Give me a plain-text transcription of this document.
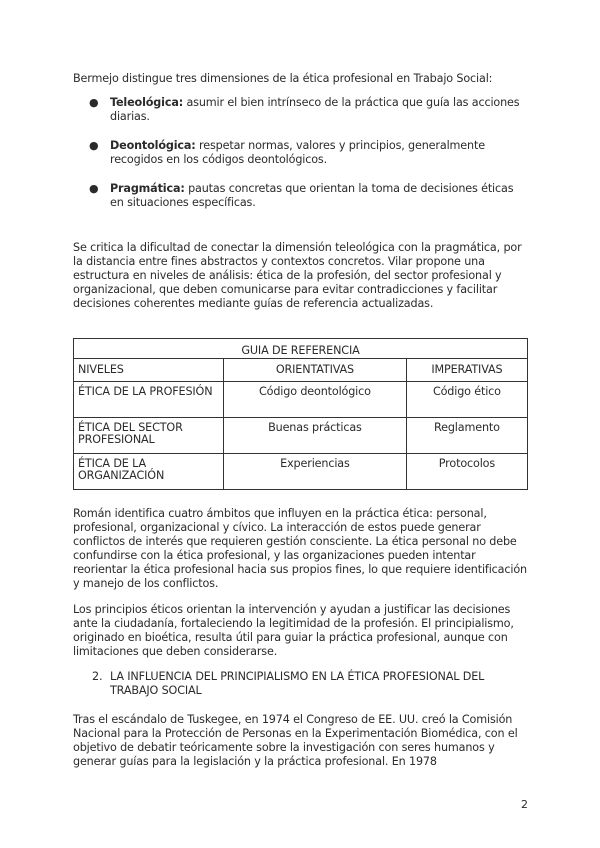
Bermejo distingue tres dimensiones de la ética profesional en Trabajo Social:

● Teleológica: asumir el bien intrínseco de la práctica que guía las acciones diarias.
● Deontológica: respetar normas, valores y principios, generalmente recogidos en los códigos deontológicos.
● Pragmática: pautas concretas que orientan la toma de decisiones éticas en situaciones específicas.

Se critica la dificultad de conectar la dimensión teleológica con la pragmática, por la distancia entre fines abstractos y contextos concretos. Vilar propone una estructura en niveles de análisis: ética de la profesión, del sector profesional y organizacional, que deben comunicarse para evitar contradicciones y facilitar decisiones coherentes mediante guías de referencia actualizadas.

GUIA DE REFERENCIA		
NIVELES	ORIENTATIVAS	IMPERATIVAS
ÉTICA DE LA PROFESIÓN	Código deontológico	Código ético
ÉTICA DEL SECTOR PROFESIONAL	Buenas prácticas	Reglamento
ÉTICA DE LA ORGANIZACIÓN	Experiencias	Protocolos

Román identifica cuatro ámbitos que influyen en la práctica ética: personal, profesional, organizacional y cívico. La interacción de estos puede generar conflictos de interés que requieren gestión consciente. La ética personal no debe confundirse con la ética profesional, y las organizaciones pueden intentar reorientar la ética profesional hacia sus propios fines, lo que requiere identificación y manejo de los conflictos.

Los principios éticos orientan la intervención y ayudan a justificar las decisiones ante la ciudadanía, fortaleciendo la legitimidad de la profesión. El principialismo, originado en bioética, resulta útil para guiar la práctica profesional, aunque con limitaciones que deben considerarse.

2. LA INFLUENCIA DEL PRINCIPIALISMO EN LA ÉTICA PROFESIONAL DEL TRABAJO SOCIAL

Tras el escándalo de Tuskegee, en 1974 el Congreso de EE. UU. creó la Comisión Nacional para la Protección de Personas en la Experimentación Biomédica, con el objetivo de debatir teóricamente sobre la investigación con seres humanos y generar guías para la legislación y la práctica profesional. En 1978

2
